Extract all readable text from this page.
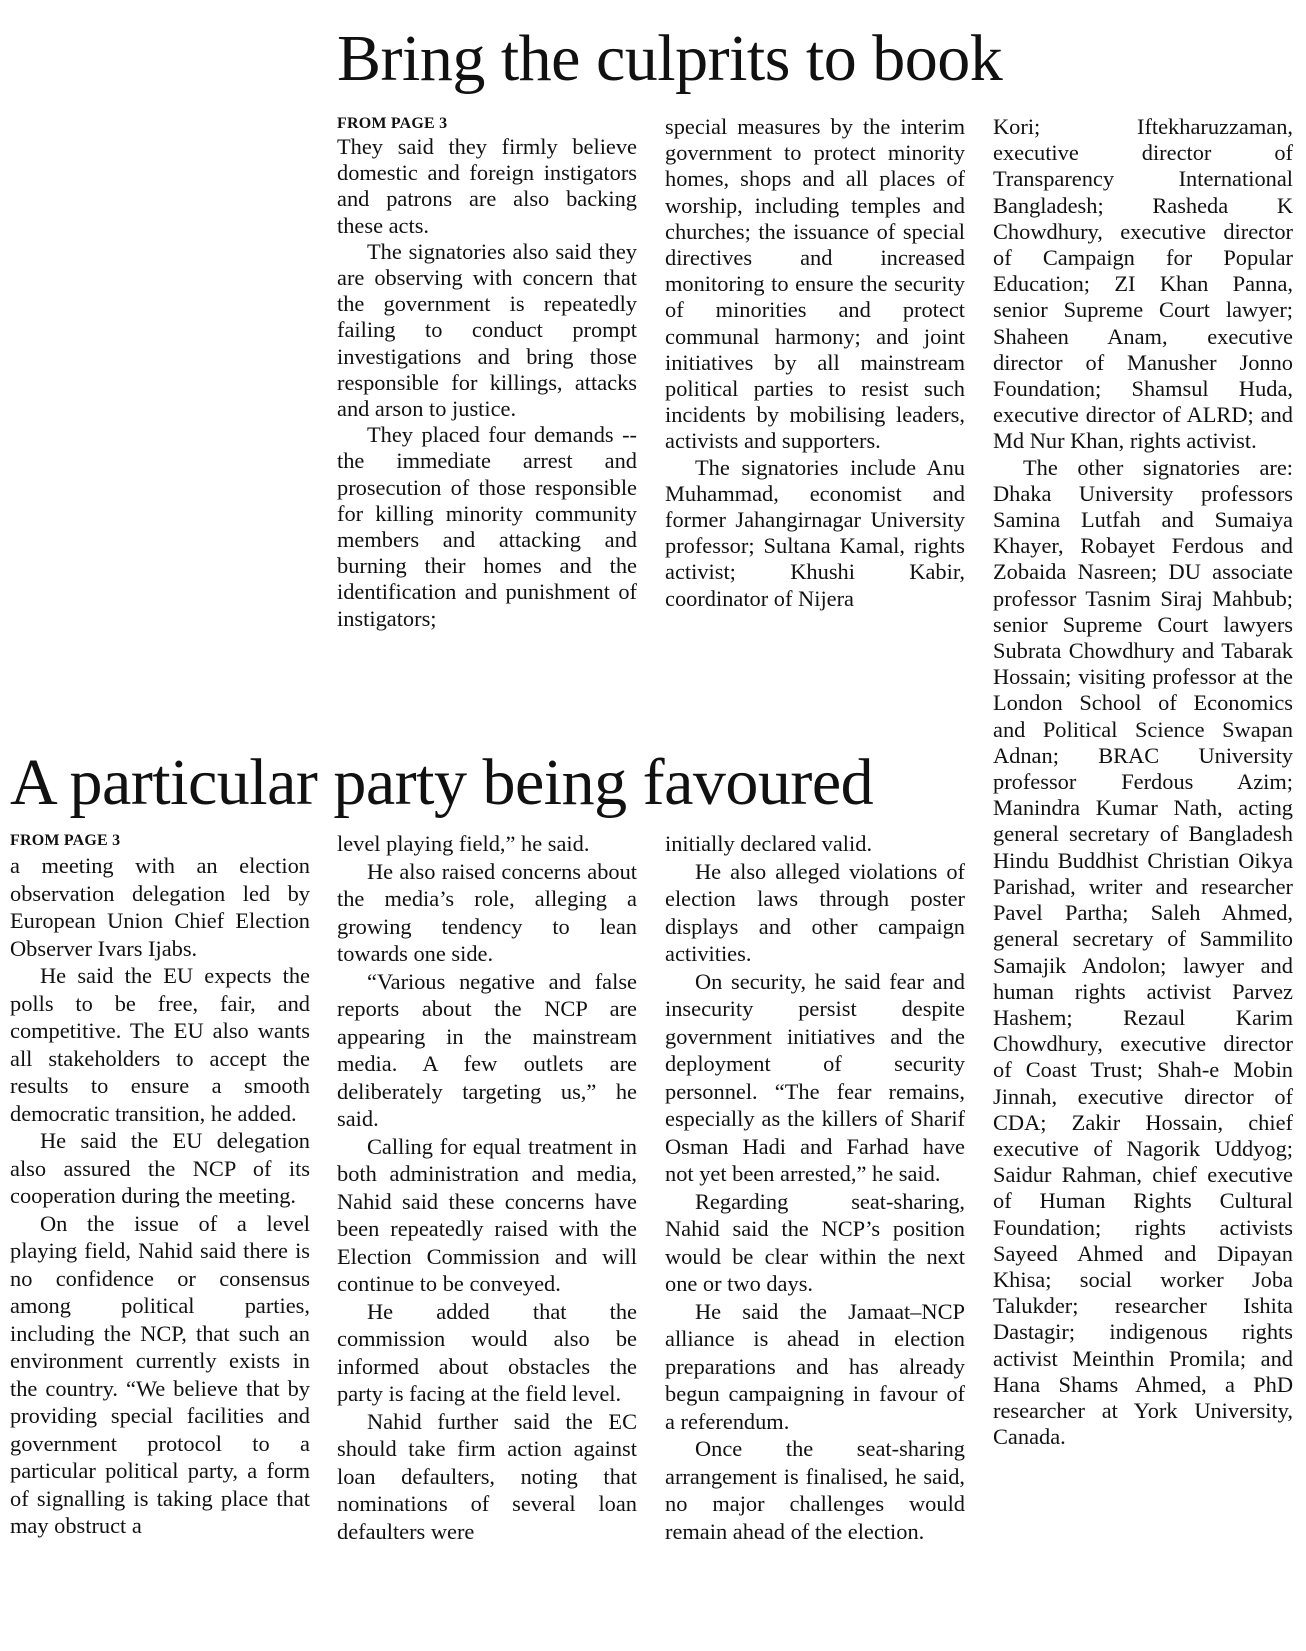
Bring the culprits to book

FROM PAGE 3

They said they firmly believe domestic and foreign instigators and patrons are also backing these acts.

The signatories also said they are observing with concern that the government is repeatedly failing to conduct prompt investigations and bring those responsible for killings, attacks and arson to justice.

They placed four demands -- the immediate arrest and prosecution of those responsible for killing minority community members and attacking and burning their homes and the identification and punishment of instigators;

special measures by the interim government to protect minority homes, shops and all places of worship, including temples and churches; the issuance of special directives and increased monitoring to ensure the security of minorities and protect communal harmony; and joint initiatives by all mainstream political parties to resist such incidents by mobilising leaders, activists and supporters.

The signatories include Anu Muhammad, economist and former Jahangirnagar University professor; Sultana Kamal, rights activist; Khushi Kabir, coordinator of Nijera

Kori; Iftekharuzzaman, executive director of Transparency International Bangladesh; Rasheda K Chowdhury, executive director of Campaign for Popular Education; ZI Khan Panna, senior Supreme Court lawyer; Shaheen Anam, executive director of Manusher Jonno Foundation; Shamsul Huda, executive director of ALRD; and Md Nur Khan, rights activist.

The other signatories are: Dhaka University professors Samina Lutfah and Sumaiya Khayer, Robayet Ferdous and Zobaida Nasreen; DU associate professor Tasnim Siraj Mahbub; senior Supreme Court lawyers Subrata Chowdhury and Tabarak Hossain; visiting professor at the London School of Economics and Political Science Swapan Adnan; BRAC University professor Ferdous Azim; Manindra Kumar Nath, acting general secretary of Bangladesh Hindu Buddhist Christian Oikya Parishad, writer and researcher Pavel Partha; Saleh Ahmed, general secretary of Sammilito Samajik Andolon; lawyer and human rights activist Parvez Hashem; Rezaul Karim Chowdhury, executive director of Coast Trust; Shah-e Mobin Jinnah, executive director of CDA; Zakir Hossain, chief executive of Nagorik Uddyog; Saidur Rahman, chief executive of Human Rights Cultural Foundation; rights activists Sayeed Ahmed and Dipayan Khisa; social worker Joba Talukder; researcher Ishita Dastagir; indigenous rights activist Meinthin Promila; and Hana Shams Ahmed, a PhD researcher at York University, Canada.

A particular party being favoured

FROM PAGE 3

a meeting with an election observation delegation led by European Union Chief Election Observer Ivars Ijabs.

He said the EU expects the polls to be free, fair, and competitive. The EU also wants all stakeholders to accept the results to ensure a smooth democratic transition, he added.

He said the EU delegation also assured the NCP of its cooperation during the meeting.

On the issue of a level playing field, Nahid said there is no confidence or consensus among political parties, including the NCP, that such an environment currently exists in the country. “We believe that by providing special facilities and government protocol to a particular political party, a form of signalling is taking place that may obstruct a

level playing field,” he said.

He also raised concerns about the media’s role, alleging a growing tendency to lean towards one side.

“Various negative and false reports about the NCP are appearing in the mainstream media. A few outlets are deliberately targeting us,” he said.

Calling for equal treatment in both administration and media, Nahid said these concerns have been repeatedly raised with the Election Commission and will continue to be conveyed.

He added that the commission would also be informed about obstacles the party is facing at the field level.

Nahid further said the EC should take firm action against loan defaulters, noting that nominations of several loan defaulters were

initially declared valid.

He also alleged violations of election laws through poster displays and other campaign activities.

On security, he said fear and insecurity persist despite government initiatives and the deployment of security personnel. “The fear remains, especially as the killers of Sharif Osman Hadi and Farhad have not yet been arrested,” he said.

Regarding seat-sharing, Nahid said the NCP’s position would be clear within the next one or two days.

He said the Jamaat–NCP alliance is ahead in election preparations and has already begun campaigning in favour of a referendum.

Once the seat-sharing arrangement is finalised, he said, no major challenges would remain ahead of the election.
